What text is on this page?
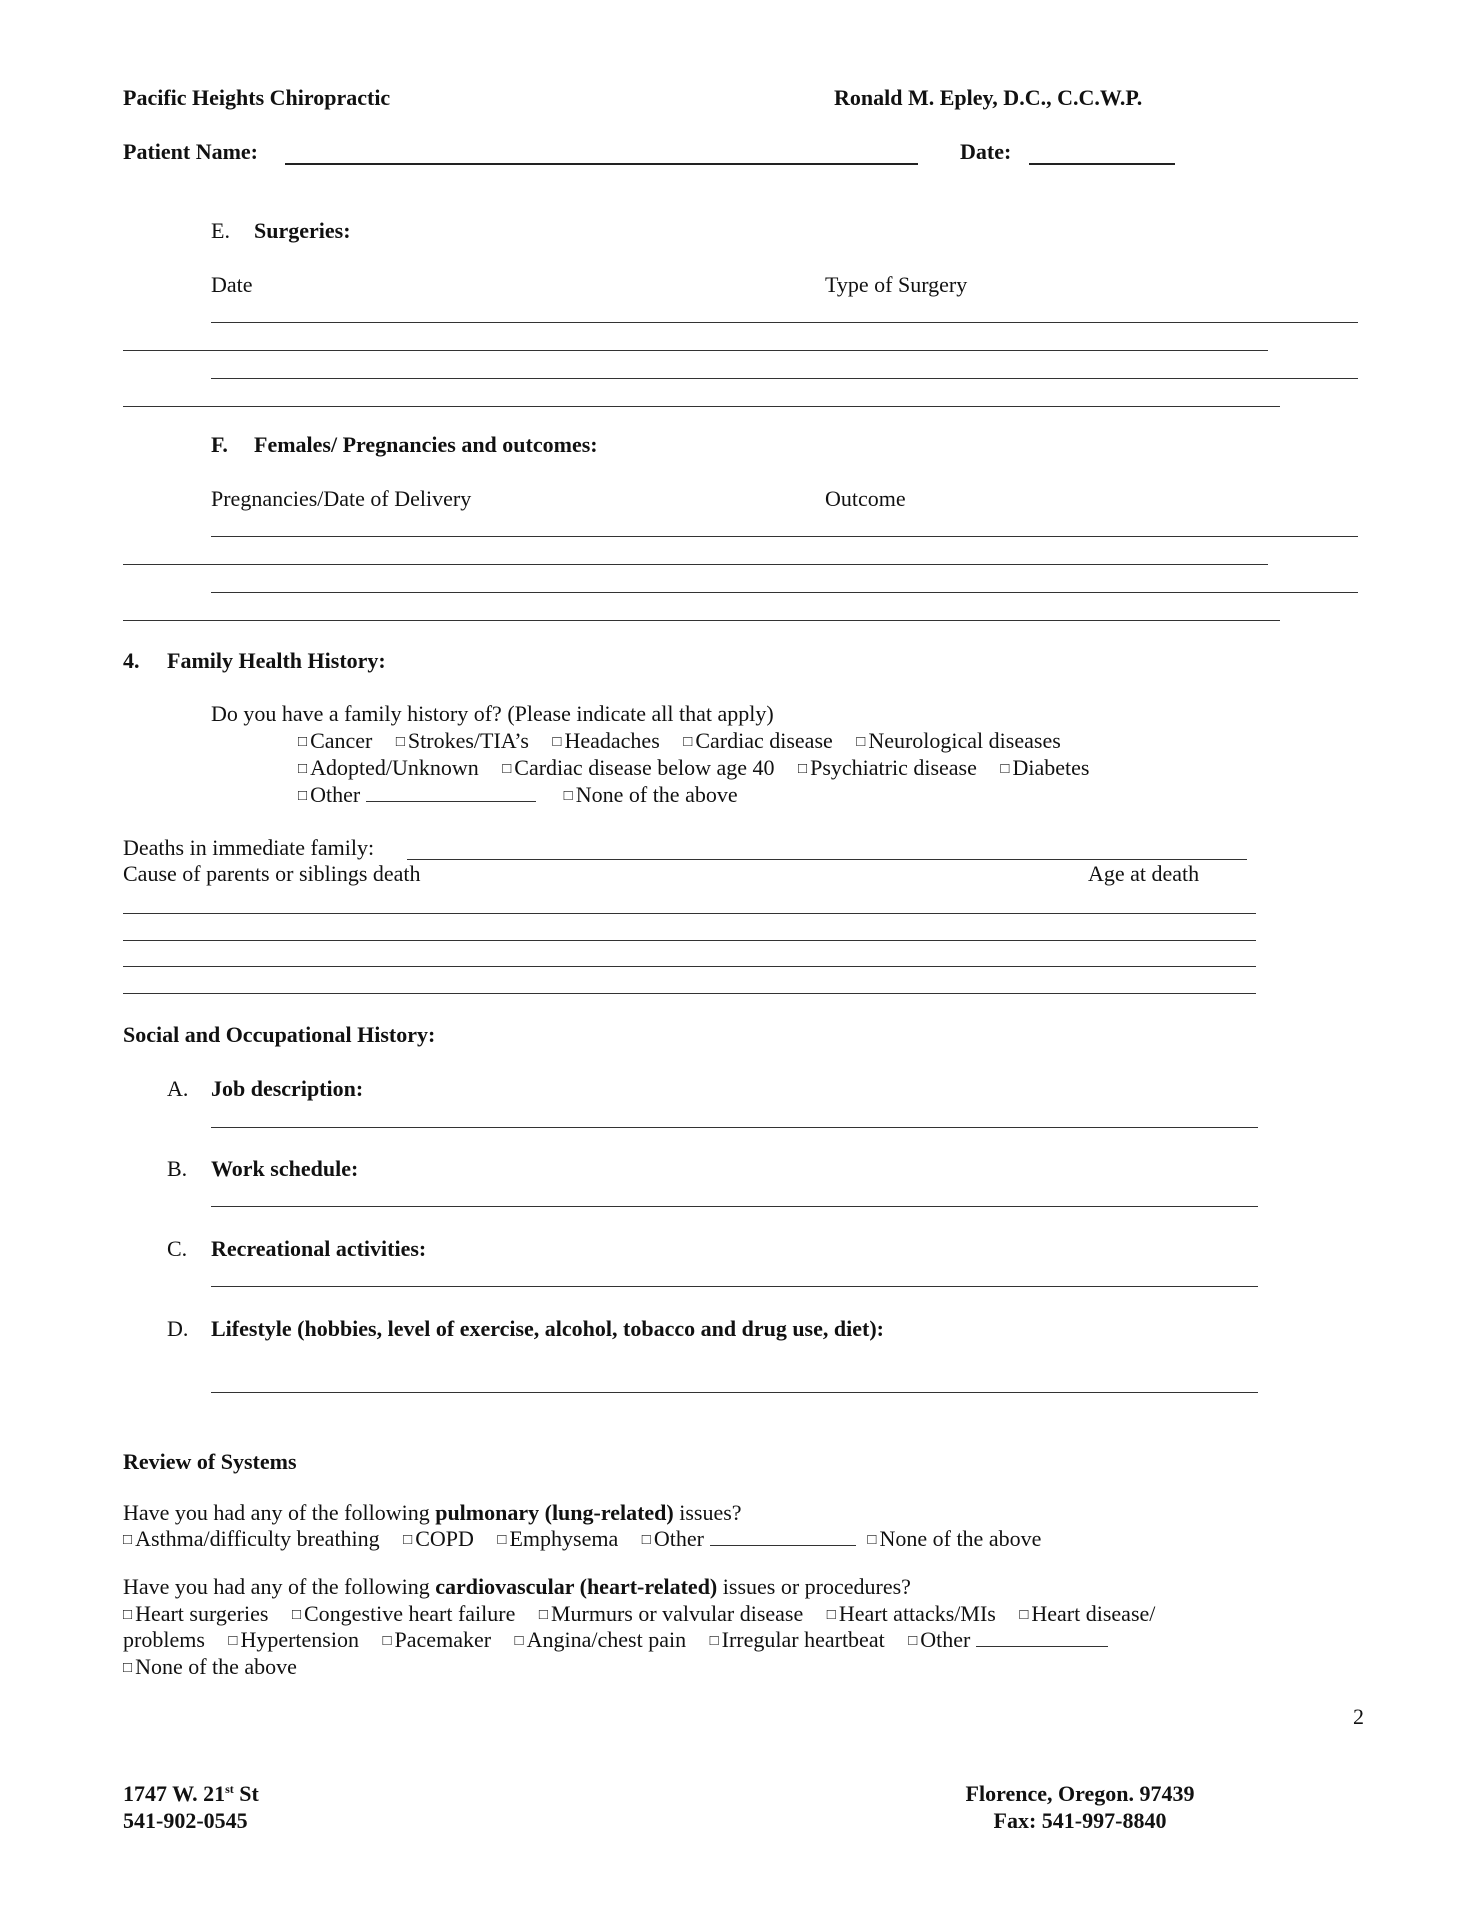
Pacific Heights Chiropractic	Ronald M. Epley, D.C., C.C.W.P.
Patient Name:	Date:
E. Surgeries:
Date	Type of Surgery
F. Females/ Pregnancies and outcomes:
Pregnancies/Date of Delivery	Outcome
4. Family Health History:
Do you have a family history of? (Please indicate all that apply)
□ Cancer □ Strokes/TIA’s □ Headaches □ Cardiac disease □ Neurological diseases
□ Adopted/Unknown □ Cardiac disease below age 40 □ Psychiatric disease □ Diabetes
□ Other	□ None of the above
Deaths in immediate family:
Cause of parents or siblings death	Age at death
Social and Occupational History:
A. Job description:
B. Work schedule:
C. Recreational activities:
D. Lifestyle (hobbies, level of exercise, alcohol, tobacco and drug use, diet):
Review of Systems
Have you had any of the following pulmonary (lung-related) issues?
□ Asthma/difficulty breathing □ COPD □ Emphysema □ Other	□ None of the above
Have you had any of the following cardiovascular (heart-related) issues or procedures?
□ Heart surgeries □ Congestive heart failure □ Murmurs or valvular disease □ Heart attacks/MIs □ Heart disease/
problems □ Hypertension □ Pacemaker □ Angina/chest pain □ Irregular heartbeat □ Other
□ None of the above
2
1747 W. 21st St
541-902-0545
Florence, Oregon. 97439
Fax: 541-997-8840
